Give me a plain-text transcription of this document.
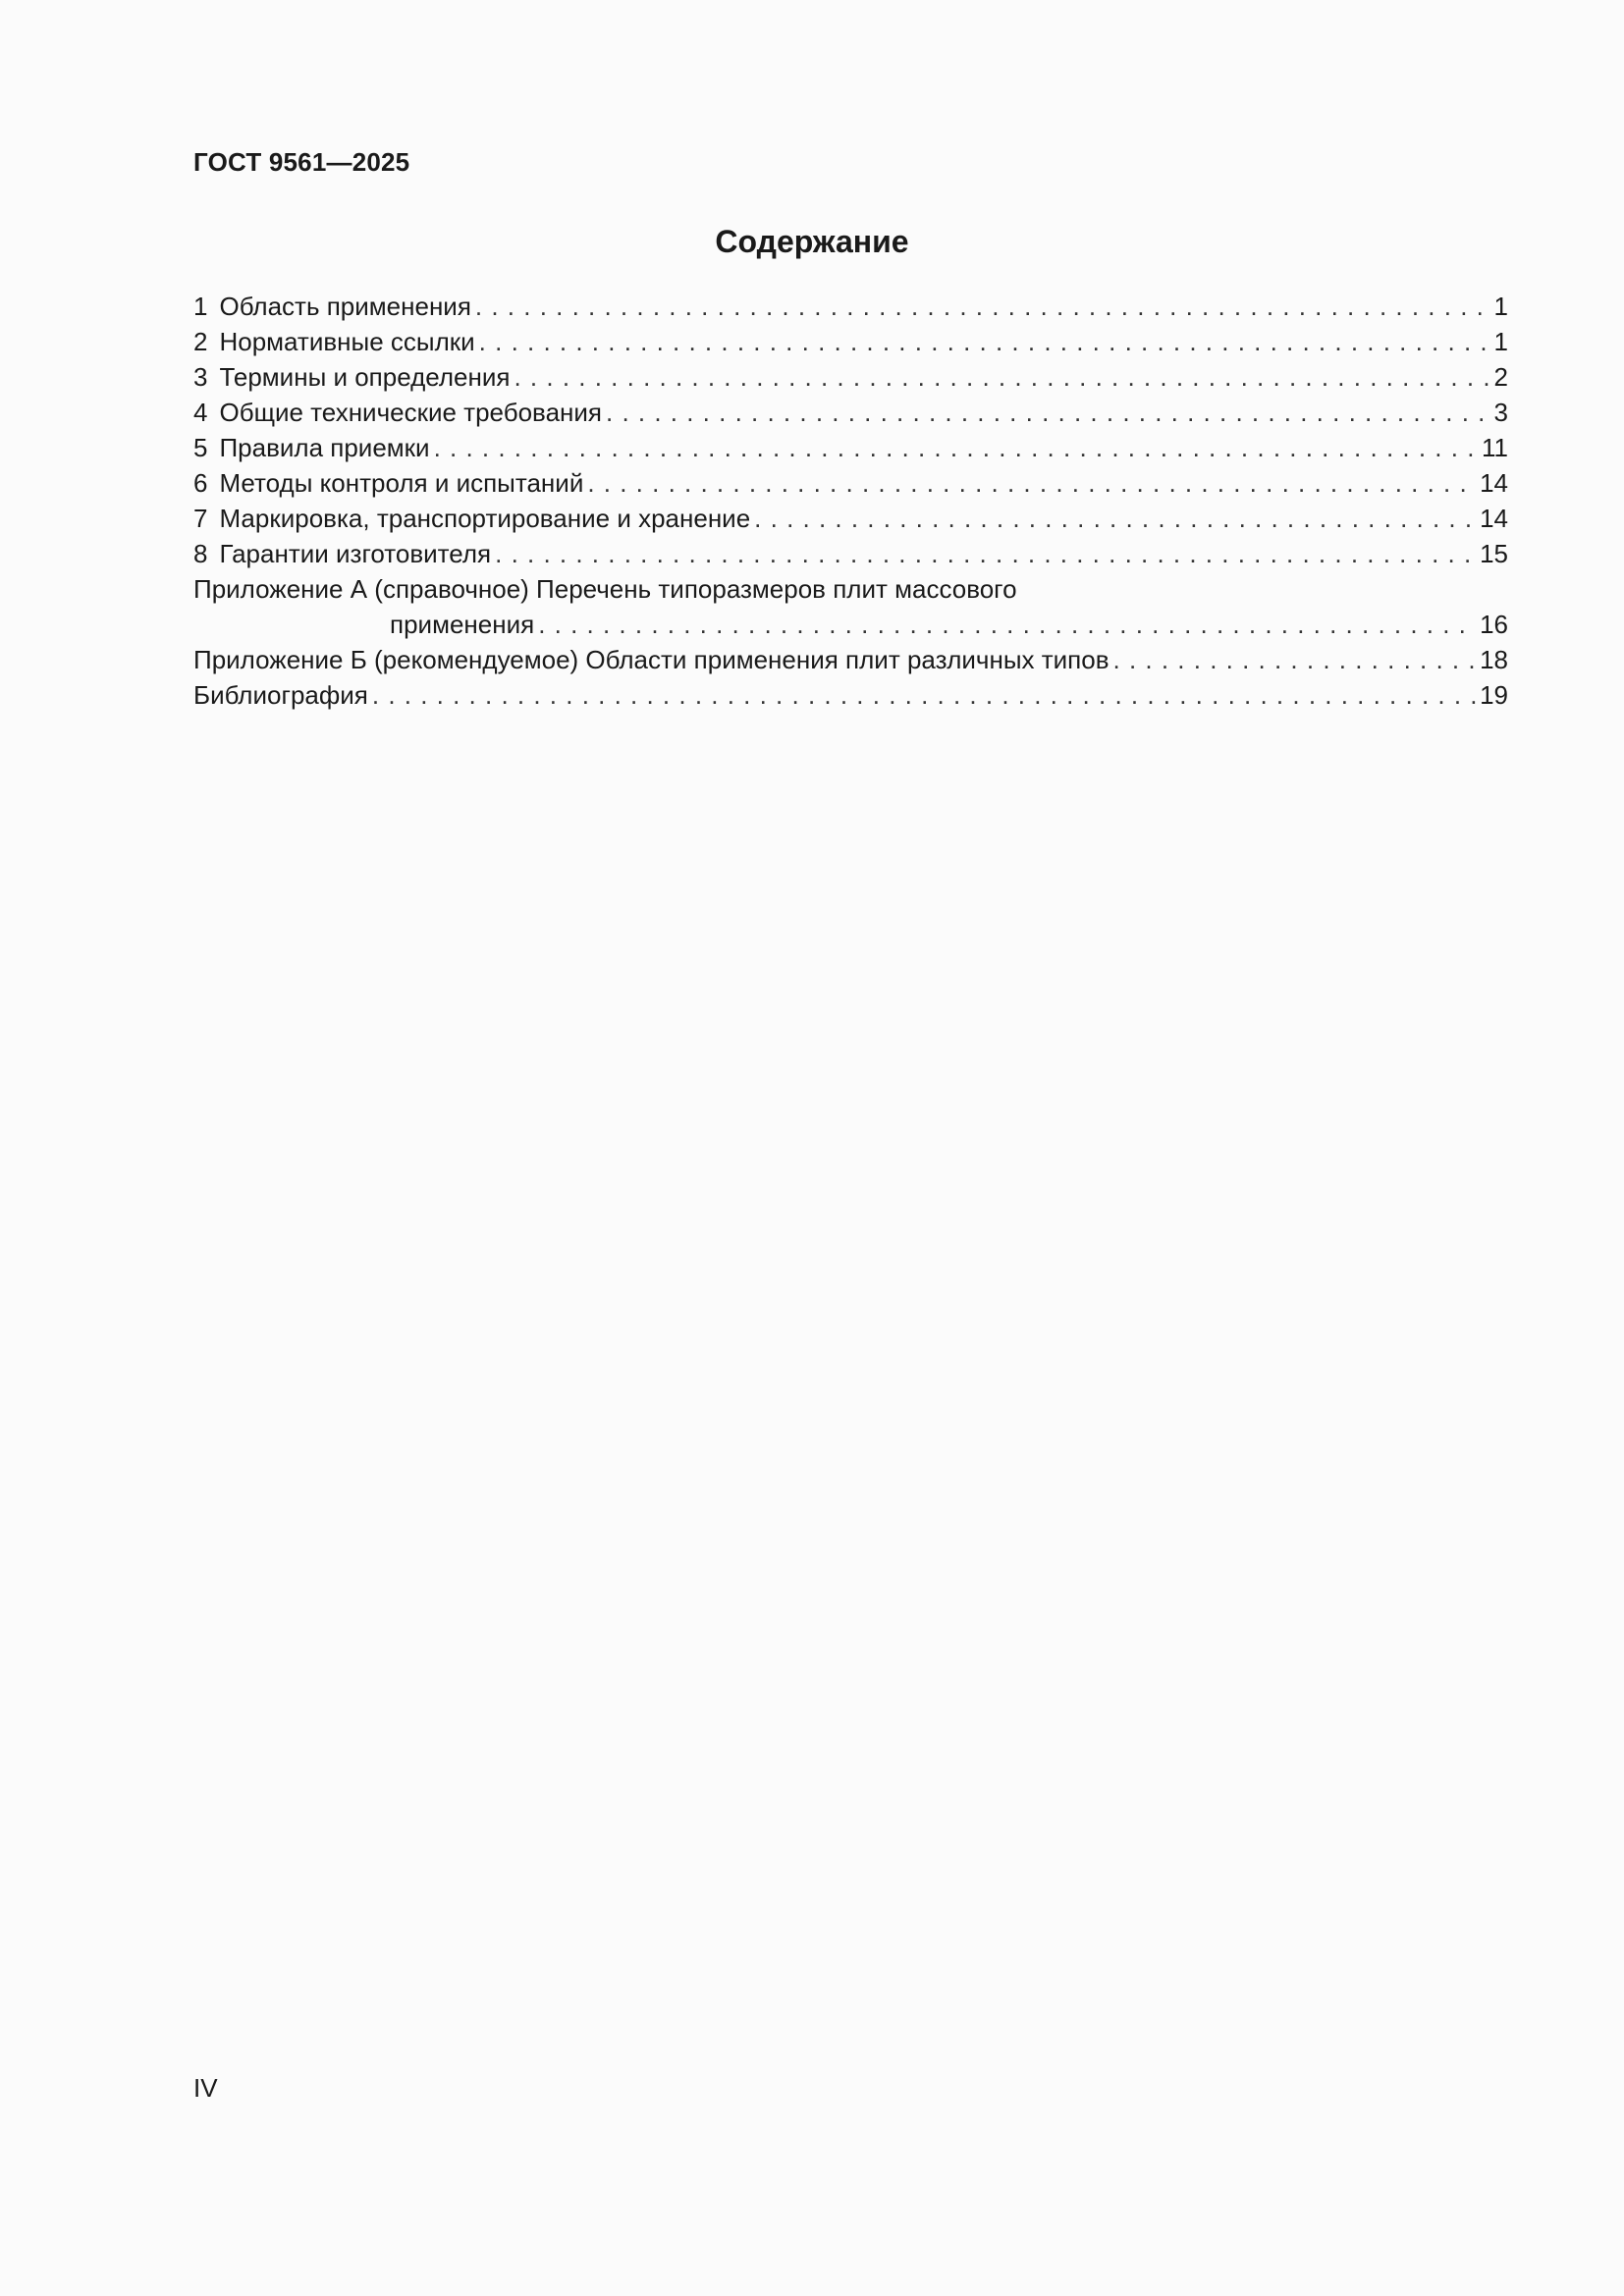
ГОСТ 9561—2025
Содержание
1 Область применения . . .	1
2 Нормативные ссылки . . .	1
3 Термины и определения . . .	2
4 Общие технические требования . . .	3
5 Правила приемки . . .	11
6 Методы контроля и испытаний . . .	14
7 Маркировка, транспортирование и хранение . . .	14
8 Гарантии изготовителя . . .	15
Приложение А (справочное) Перечень типоразмеров плит массового
применения . . .	16
Приложение Б (рекомендуемое) Области применения плит различных типов . . .	18
Библиография . . .	19
IV
